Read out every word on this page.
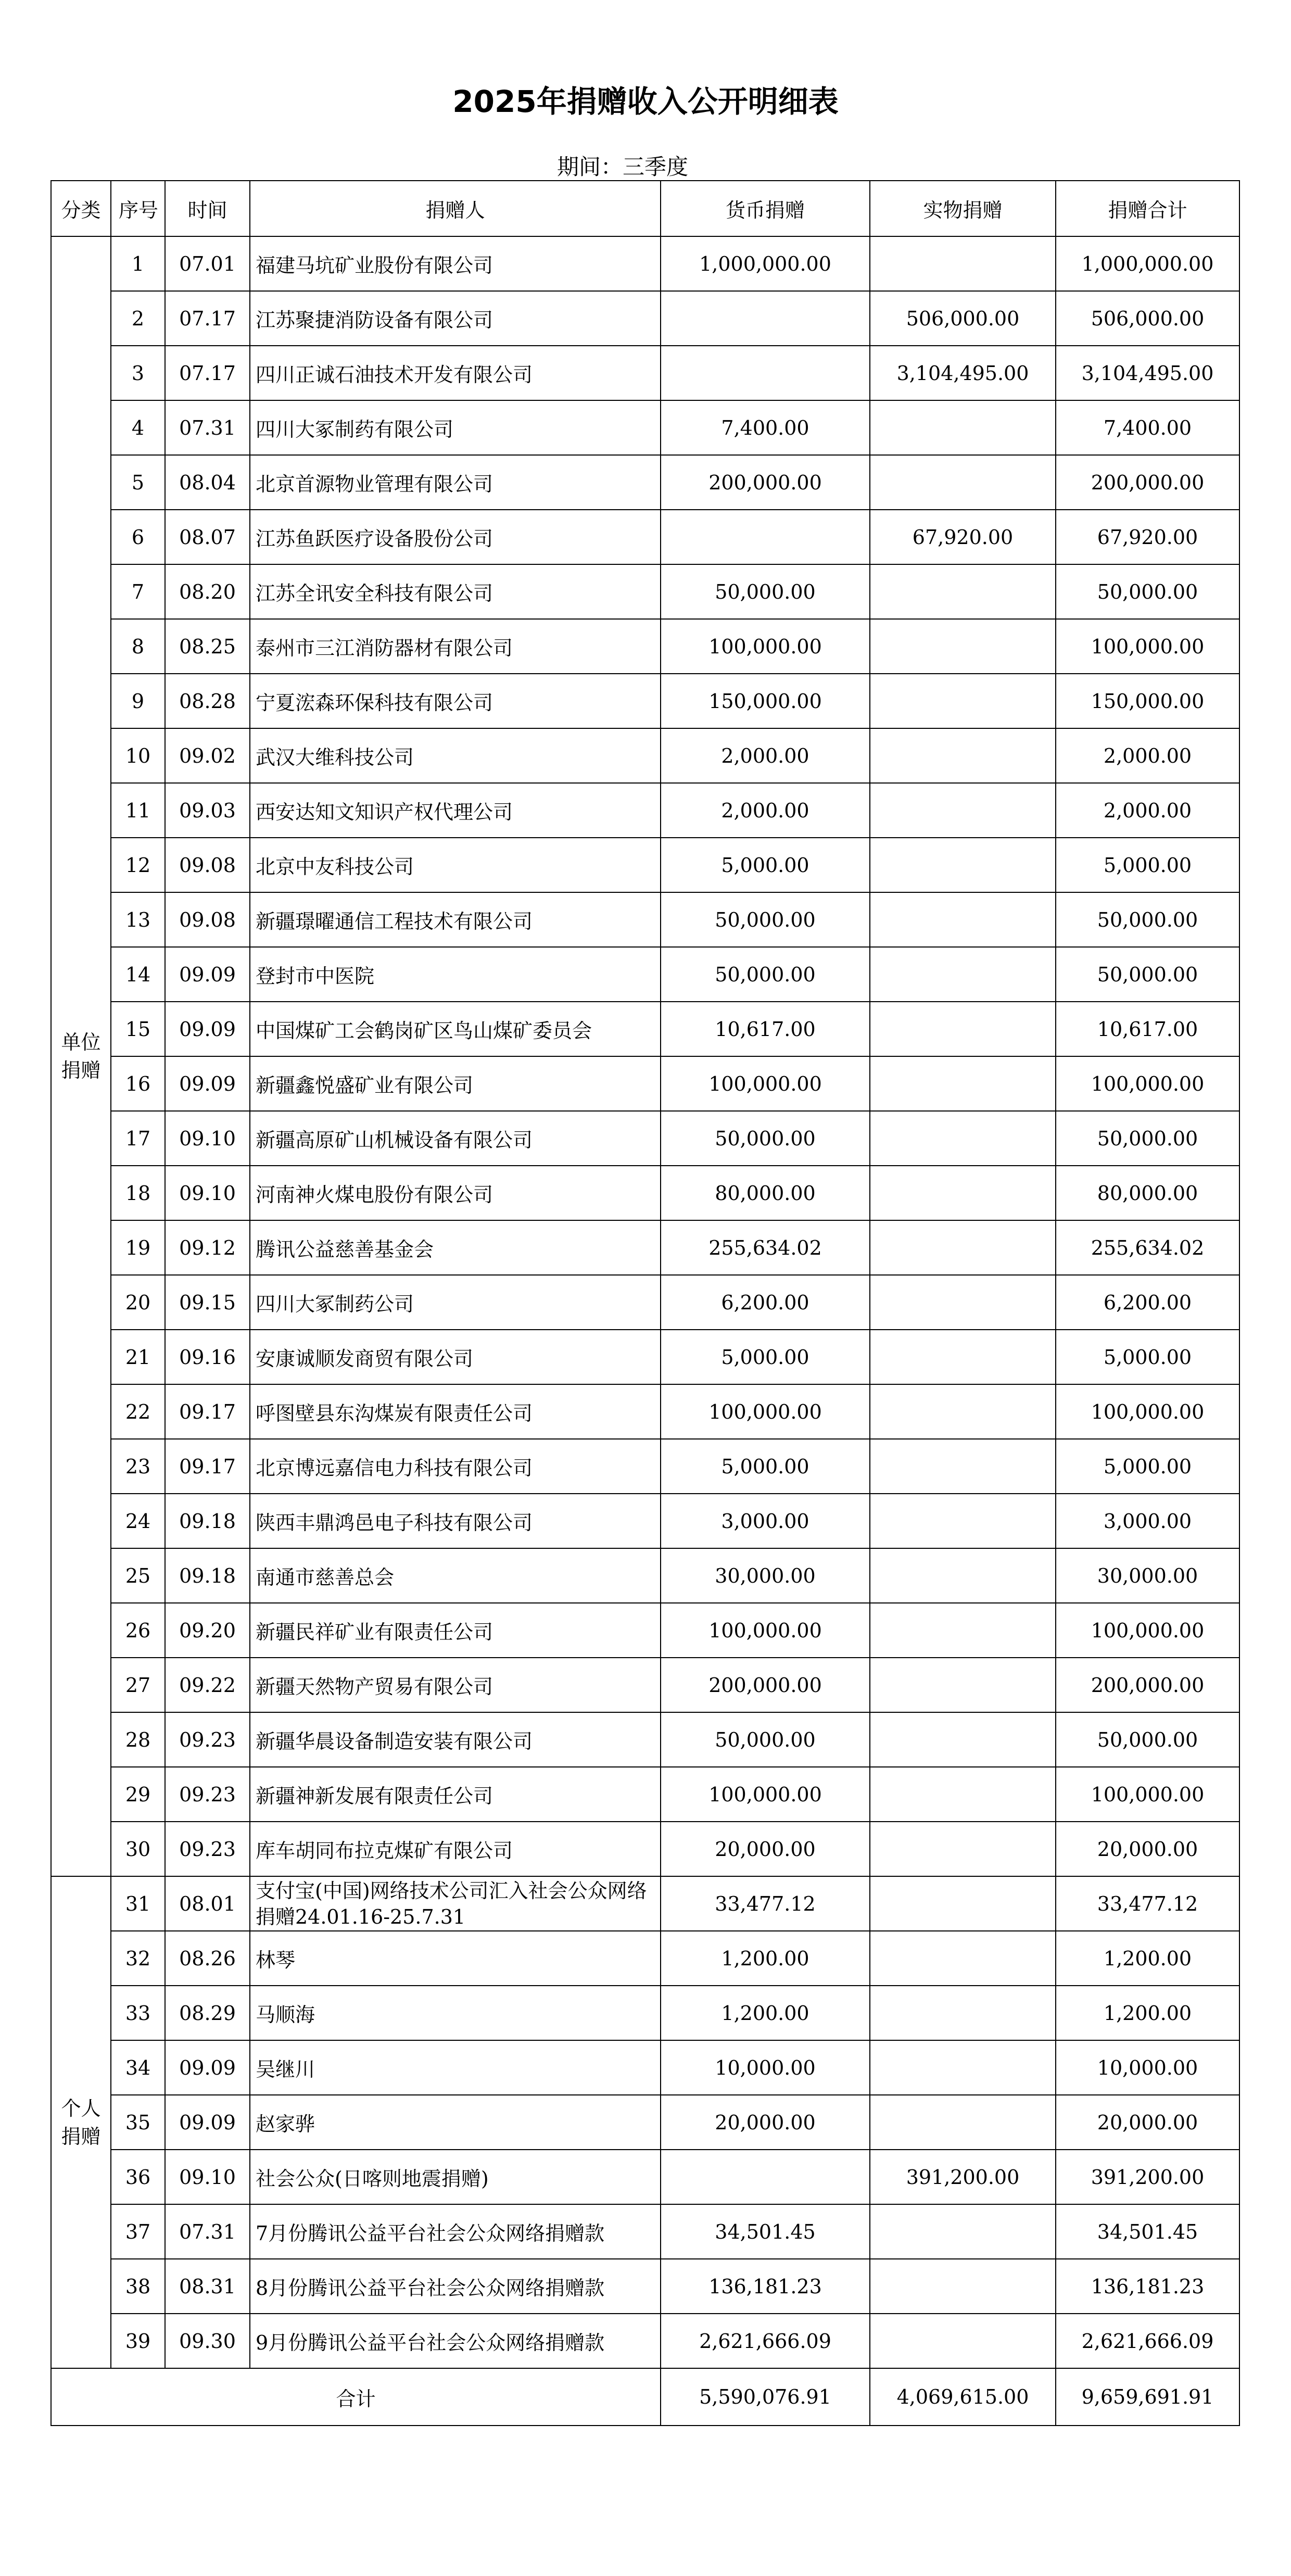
2025年捐赠收入公开明细表
期间：三季度
分类	序号	时间	捐赠人	货币捐赠	实物捐赠	捐赠合计
单位
捐赠	1	07.01	福建马坑矿业股份有限公司	1,000,000.00		1,000,000.00
	2	07.17	江苏聚捷消防设备有限公司		506,000.00	506,000.00
	3	07.17	四川正诚石油技术开发有限公司		3,104,495.00	3,104,495.00
	4	07.31	四川大冢制药有限公司	7,400.00		7,400.00
	5	08.04	北京首源物业管理有限公司	200,000.00		200,000.00
	6	08.07	江苏鱼跃医疗设备股份公司		67,920.00	67,920.00
	7	08.20	江苏全讯安全科技有限公司	50,000.00		50,000.00
	8	08.25	泰州市三江消防器材有限公司	100,000.00		100,000.00
	9	08.28	宁夏浤森环保科技有限公司	150,000.00		150,000.00
	10	09.02	武汉大维科技公司	2,000.00		2,000.00
	11	09.03	西安达知文知识产权代理公司	2,000.00		2,000.00
	12	09.08	北京中友科技公司	5,000.00		5,000.00
	13	09.08	新疆璟曜通信工程技术有限公司	50,000.00		50,000.00
	14	09.09	登封市中医院	50,000.00		50,000.00
	15	09.09	中国煤矿工会鹤岗矿区鸟山煤矿委员会	10,617.00		10,617.00
	16	09.09	新疆鑫悦盛矿业有限公司	100,000.00		100,000.00
	17	09.10	新疆高原矿山机械设备有限公司	50,000.00		50,000.00
	18	09.10	河南神火煤电股份有限公司	80,000.00		80,000.00
	19	09.12	腾讯公益慈善基金会	255,634.02		255,634.02
	20	09.15	四川大冢制药公司	6,200.00		6,200.00
	21	09.16	安康诚顺发商贸有限公司	5,000.00		5,000.00
	22	09.17	呼图壁县东沟煤炭有限责任公司	100,000.00		100,000.00
	23	09.17	北京博远嘉信电力科技有限公司	5,000.00		5,000.00
	24	09.18	陕西丰鼎鸿邑电子科技有限公司	3,000.00		3,000.00
	25	09.18	南通市慈善总会	30,000.00		30,000.00
	26	09.20	新疆民祥矿业有限责任公司	100,000.00		100,000.00
	27	09.22	新疆天然物产贸易有限公司	200,000.00		200,000.00
	28	09.23	新疆华晨设备制造安装有限公司	50,000.00		50,000.00
	29	09.23	新疆神新发展有限责任公司	100,000.00		100,000.00
	30	09.23	库车胡同布拉克煤矿有限公司	20,000.00		20,000.00
个人
捐赠	31	08.01	支付宝(中国)网络技术公司汇入社会公众网络捐赠24.01.16-25.7.31	33,477.12		33,477.12
	32	08.26	林琴	1,200.00		1,200.00
	33	08.29	马顺海	1,200.00		1,200.00
	34	09.09	吴继川	10,000.00		10,000.00
	35	09.09	赵家骅	20,000.00		20,000.00
	36	09.10	社会公众(日喀则地震捐赠)		391,200.00	391,200.00
	37	07.31	7月份腾讯公益平台社会公众网络捐赠款	34,501.45		34,501.45
	38	08.31	8月份腾讯公益平台社会公众网络捐赠款	136,181.23		136,181.23
	39	09.30	9月份腾讯公益平台社会公众网络捐赠款	2,621,666.09		2,621,666.09
合计				5,590,076.91	4,069,615.00	9,659,691.91
